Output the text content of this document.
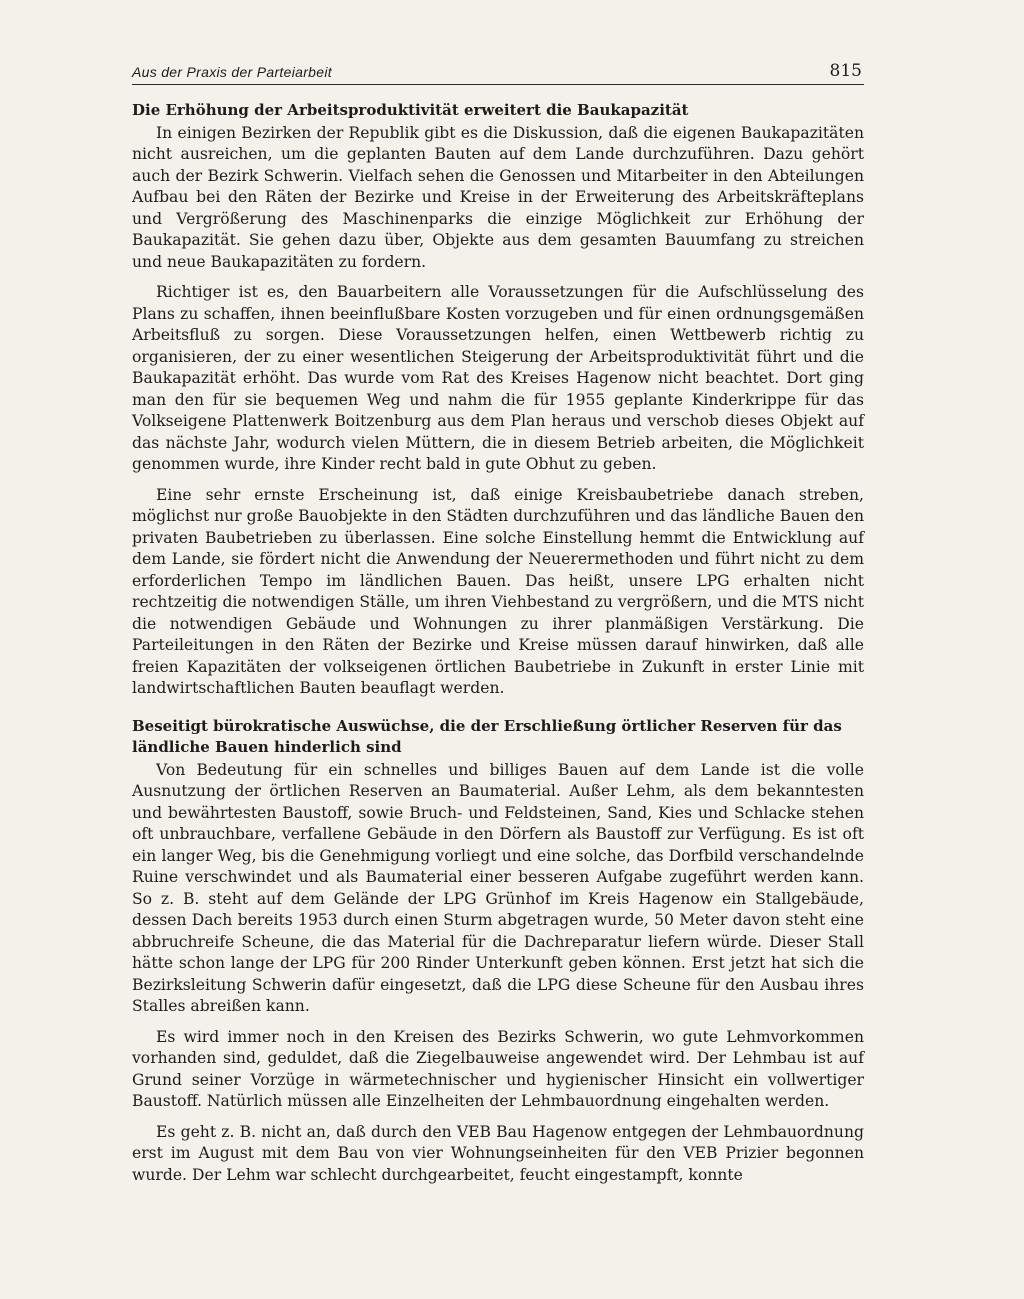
Aus der Praxis der Parteiarbeit	815
Die Erhöhung der Arbeitsproduktivität erweitert die Baukapazität

In einigen Bezirken der Republik gibt es die Diskussion, daß die eigenen Baukapazitäten nicht ausreichen, um die geplanten Bauten auf dem Lande durchzuführen. Dazu gehört auch der Bezirk Schwerin. Vielfach sehen die Genossen und Mitarbeiter in den Abteilungen Aufbau bei den Räten der Bezirke und Kreise in der Erweiterung des Arbeitskräfteplans und Vergrößerung des Maschinenparks die einzige Möglichkeit zur Erhöhung der Baukapazität. Sie gehen dazu über, Objekte aus dem gesamten Bauumfang zu streichen und neue Baukapazitäten zu fordern.

Richtiger ist es, den Bauarbeitern alle Voraussetzungen für die Aufschlüsselung des Plans zu schaffen, ihnen beeinflußbare Kosten vorzugeben und für einen ordnungsgemäßen Arbeitsfluß zu sorgen. Diese Voraussetzungen helfen, einen Wettbewerb richtig zu organisieren, der zu einer wesentlichen Steigerung der Arbeitsproduktivität führt und die Baukapazität erhöht. Das wurde vom Rat des Kreises Hagenow nicht beachtet. Dort ging man den für sie bequemen Weg und nahm die für 1955 geplante Kinderkrippe für das Volkseigene Plattenwerk Boitzenburg aus dem Plan heraus und verschob dieses Objekt auf das nächste Jahr, wodurch vielen Müttern, die in diesem Betrieb arbeiten, die Möglichkeit genommen wurde, ihre Kinder recht bald in gute Obhut zu geben.

Eine sehr ernste Erscheinung ist, daß einige Kreisbaubetriebe danach streben, möglichst nur große Bauobjekte in den Städten durchzuführen und das ländliche Bauen den privaten Baubetrieben zu überlassen. Eine solche Einstellung hemmt die Entwicklung auf dem Lande, sie fördert nicht die Anwendung der Neuerermethoden und führt nicht zu dem erforderlichen Tempo im ländlichen Bauen. Das heißt, unsere LPG erhalten nicht rechtzeitig die notwendigen Ställe, um ihren Viehbestand zu vergrößern, und die MTS nicht die notwendigen Gebäude und Wohnungen zu ihrer planmäßigen Verstärkung. Die Parteileitungen in den Räten der Bezirke und Kreise müssen darauf hinwirken, daß alle freien Kapazitäten der volkseigenen örtlichen Baubetriebe in Zukunft in erster Linie mit landwirtschaftlichen Bauten beauflagt werden.

Beseitigt bürokratische Auswüchse, die der Erschließung örtlicher Reserven für das ländliche Bauen hinderlich sind

Von Bedeutung für ein schnelles und billiges Bauen auf dem Lande ist die volle Ausnutzung der örtlichen Reserven an Baumaterial. Außer Lehm, als dem bekanntesten und bewährtesten Baustoff, sowie Bruch- und Feldsteinen, Sand, Kies und Schlacke stehen oft unbrauchbare, verfallene Gebäude in den Dörfern als Baustoff zur Verfügung. Es ist oft ein langer Weg, bis die Genehmigung vorliegt und eine solche, das Dorfbild verschandelnde Ruine verschwindet und als Baumaterial einer besseren Aufgabe zugeführt werden kann. So z. B. steht auf dem Gelände der LPG Grünhof im Kreis Hagenow ein Stallgebäude, dessen Dach bereits 1953 durch einen Sturm abgetragen wurde, 50 Meter davon steht eine abbruchreife Scheune, die das Material für die Dachreparatur liefern würde. Dieser Stall hätte schon lange der LPG für 200 Rinder Unterkunft geben können. Erst jetzt hat sich die Bezirksleitung Schwerin dafür eingesetzt, daß die LPG diese Scheune für den Ausbau ihres Stalles abreißen kann.

Es wird immer noch in den Kreisen des Bezirks Schwerin, wo gute Lehmvorkommen vorhanden sind, geduldet, daß die Ziegelbauweise angewendet wird. Der Lehmbau ist auf Grund seiner Vorzüge in wärmetechnischer und hygienischer Hinsicht ein vollwertiger Baustoff. Natürlich müssen alle Einzelheiten der Lehmbauordnung eingehalten werden.

Es geht z. B. nicht an, daß durch den VEB Bau Hagenow entgegen der Lehmbauordnung erst im August mit dem Bau von vier Wohnungseinheiten für den VEB Prizier begonnen wurde. Der Lehm war schlecht durchgearbeitet, feucht eingestampft, konnte
